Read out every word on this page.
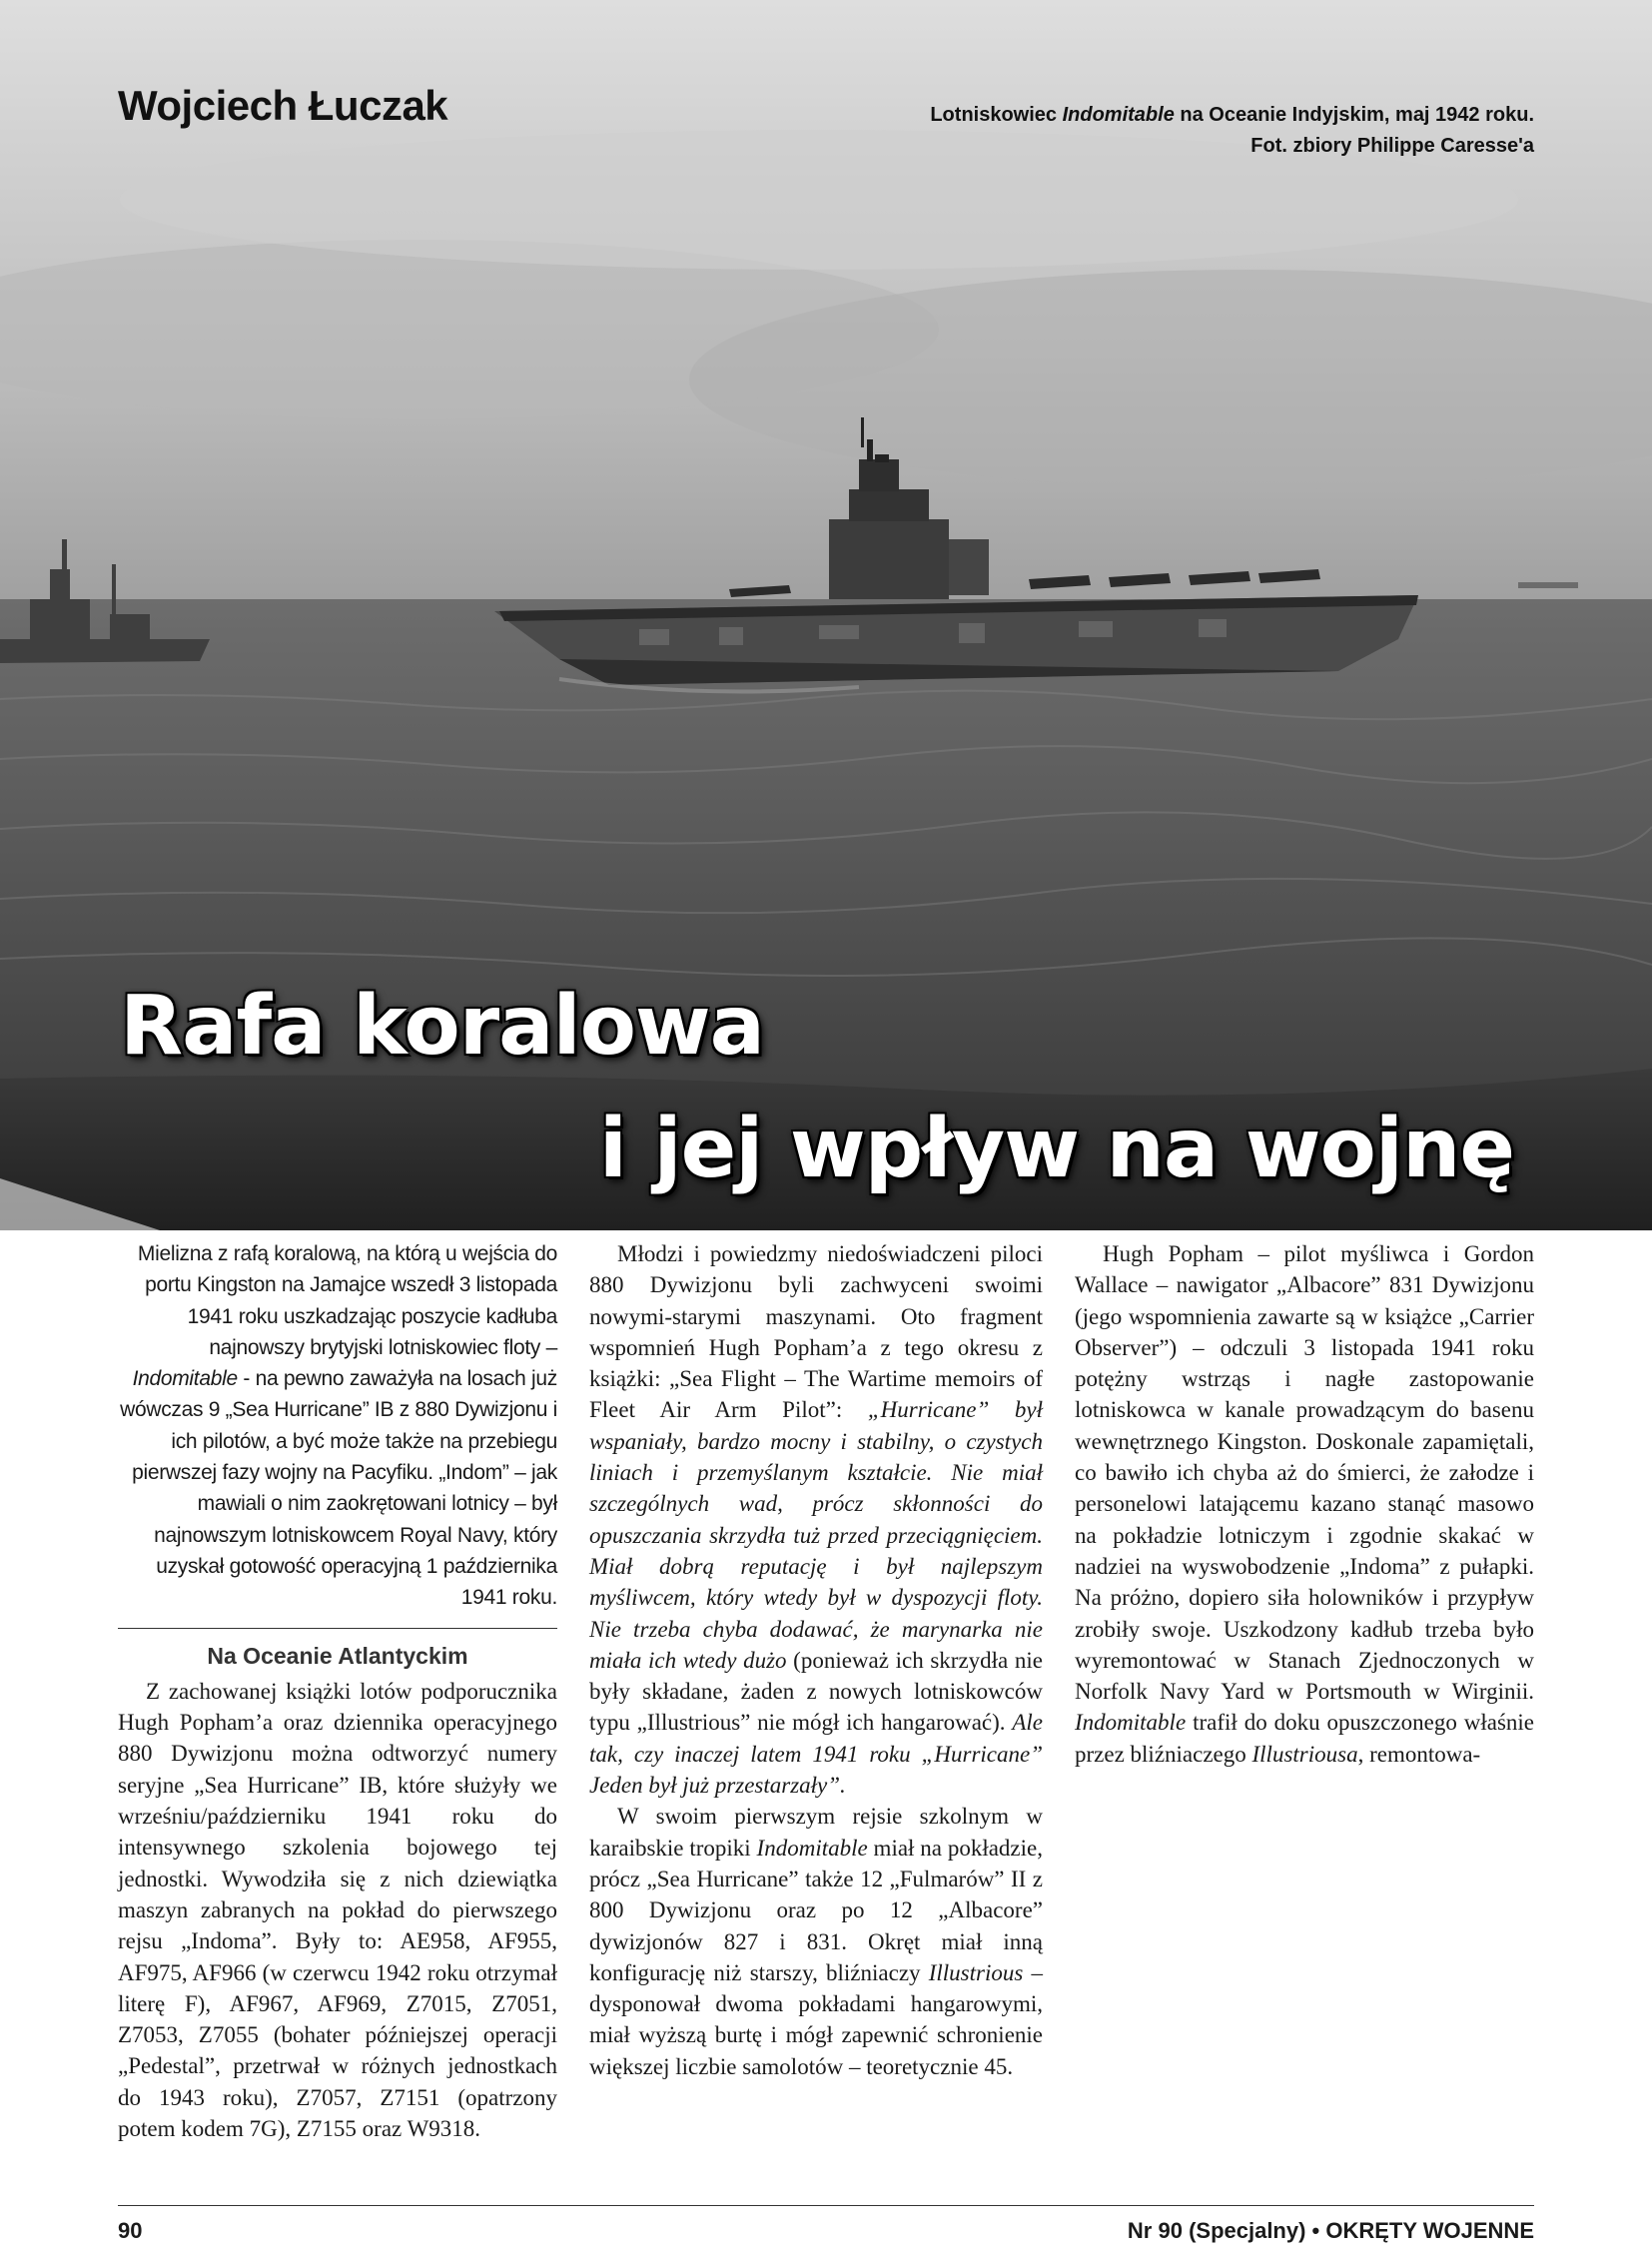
Wojciech Łuczak	Lotniskowiec Indomitable na Oceanie Indyjskim, maj 1942 roku.
Fot. zbiory Philippe Caresse'a
Rafa koralowa
i jej wpływ na wojnę
Mielizna z rafą koralową, na którą u wejścia do portu Kingston na Jamajce wszedł 3 listopada 1941 roku uszkadzając poszycie kadłuba najnowszy brytyjski lotniskowiec floty – Indomitable - na pewno zaważyła na losach już wówczas 9 „Sea Hurricane” IB z 880 Dywizjonu i ich pilotów, a być może także na przebiegu pierwszej fazy wojny na Pacyfiku. „Indom” – jak mawiali o nim zaokrętowani lotnicy – był najnowszym lotniskowcem Royal Navy, który uzyskał gotowość operacyjną 1 października 1941 roku.
Na Oceanie Atlantyckim

Z zachowanej książki lotów podporucznika Hugh Popham’a oraz dziennika operacyjnego 880 Dywizjonu można odtworzyć numery seryjne „Sea Hurricane” IB, które służyły we wrześniu/październiku 1941 roku do intensywnego szkolenia bojowego tej jednostki. Wywodziła się z nich dziewiątka maszyn zabranych na pokład do pierwszego rejsu „Indoma”. Były to: AE958, AF955, AF975, AF966 (w czerwcu 1942 roku otrzymał literę F), AF967, AF969, Z7015, Z7051, Z7053, Z7055 (bohater późniejszej operacji „Pedestal”, przetrwał w różnych jednostkach do 1943 roku), Z7057, Z7151 (opatrzony potem kodem 7G), Z7155 oraz W9318.

Młodzi i powiedzmy niedoświadczeni piloci 880 Dywizjonu byli zachwyceni swoimi nowymi-starymi maszynami. Oto fragment wspomnień Hugh Popham’a z tego okresu z książki: „Sea Flight – The Wartime memoirs of Fleet Air Arm Pilot”: „Hurricane” był wspaniały, bardzo mocny i stabilny, o czystych liniach i przemyślanym kształcie. Nie miał szczególnych wad, prócz skłonności do opuszczania skrzydła tuż przed przeciągnięciem. Miał dobrą reputację i był najlepszym myśliwcem, który wtedy był w dyspozycji floty. Nie trzeba chyba dodawać, że marynarka nie miała ich wtedy dużo (ponieważ ich skrzydła nie były składane, żaden z nowych lotniskowców typu „Illustrious” nie mógł ich hangarować). Ale tak, czy inaczej latem 1941 roku „Hurricane” Jeden był już przestarzały”.

W swoim pierwszym rejsie szkolnym w karaibskie tropiki Indomitable miał na pokładzie, prócz „Sea Hurricane” także 12 „Fulmarów” II z 800 Dywizjonu oraz po 12 „Albacore” dywizjonów 827 i 831. Okręt miał inną konfigurację niż starszy, bliźniaczy Illustrious – dysponował dwoma pokładami hangarowymi, miał wyższą burtę i mógł zapewnić schronienie większej liczbie samolotów – teoretycznie 45.

Hugh Popham – pilot myśliwca i Gordon Wallace – nawigator „Albacore” 831 Dywizjonu (jego wspomnienia zawarte są w książce „Carrier Observer”) – odczuli 3 listopada 1941 roku potężny wstrząs i nagłe zastopowanie lotniskowca w kanale prowadzącym do basenu wewnętrznego Kingston. Doskonale zapamiętali, co bawiło ich chyba aż do śmierci, że załodze i personelowi latającemu kazano stanąć masowo na pokładzie lotniczym i zgodnie skakać w nadziei na wyswobodzenie „Indoma” z pułapki. Na próżno, dopiero siła holowników i przypływ zrobiły swoje. Uszkodzony kadłub trzeba było wyremontować w Stanach Zjednoczonych w Norfolk Navy Yard w Portsmouth w Wirginii. Indomitable trafił do doku opuszczonego właśnie przez bliźniaczego Illustriousa, remontowa-

90	Nr 90 (Specjalny) • OKRĘTY WOJENNE
